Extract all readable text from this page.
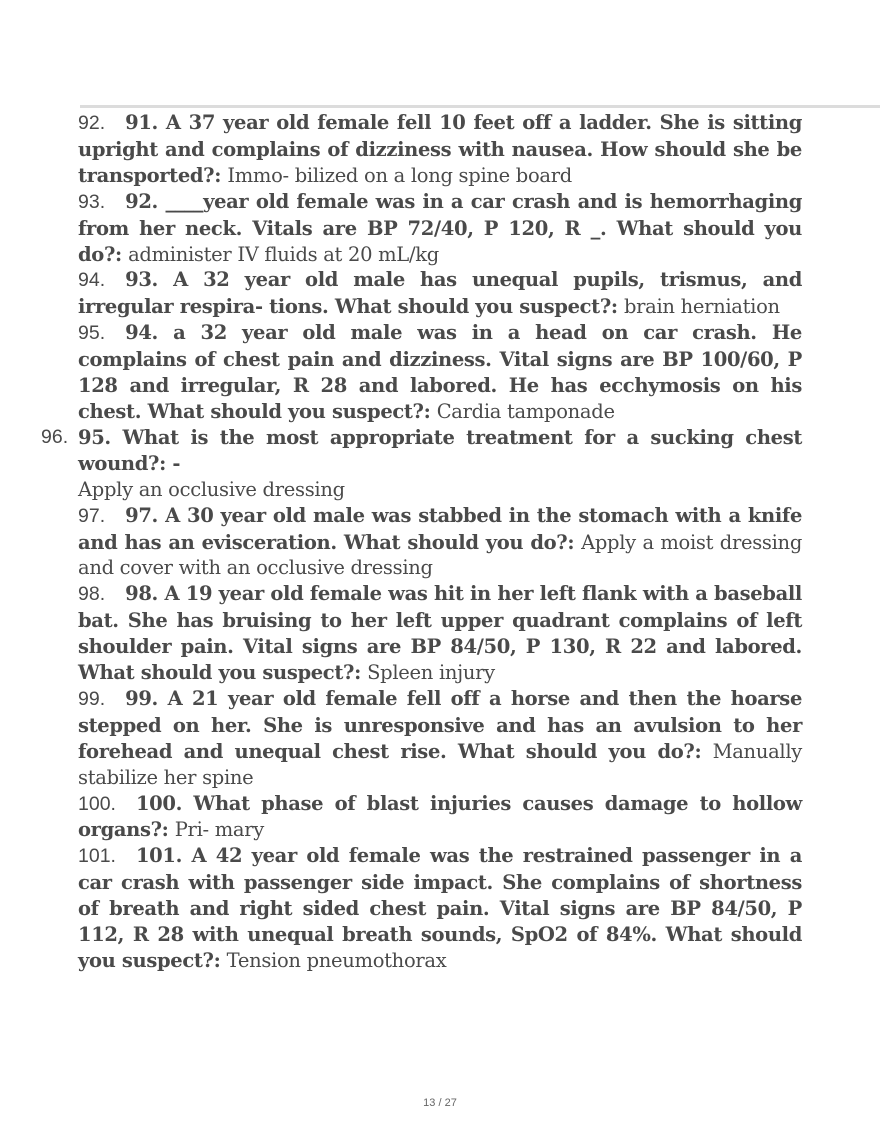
92. 91. A 37 year old female fell 10 feet off a ladder. She is sitting upright and complains of dizziness with nausea. How should she be transported?: Immo- bilized on a long spine board
93. 92. ____year old female was in a car crash and is hemorrhaging from her neck. Vitals are BP 72/40, P 120, R _. What should you do?: administer IV fluids at 20 mL/kg
94. 93. A 32 year old male has unequal pupils, trismus, and irregular respira- tions. What should you suspect?: brain herniation
95. 94. a 32 year old male was in a head on car crash. He complains of chest pain and dizziness. Vital signs are BP 100/60, P 128 and irregular, R 28 and labored. He has ecchymosis on his chest. What should you suspect?: Cardia tamponade
96. 95. What is the most appropriate treatment for a sucking chest wound?: -
Apply an occlusive dressing
97. 97. A 30 year old male was stabbed in the stomach with a knife and has an evisceration. What should you do?: Apply a moist dressing and cover with an occlusive dressing
98. 98. A 19 year old female was hit in her left flank with a baseball bat. She has bruising to her left upper quadrant complains of left shoulder pain. Vital signs are BP 84/50, P 130, R 22 and labored. What should you suspect?: Spleen injury
99. 99. A 21 year old female fell off a horse and then the hoarse stepped on her. She is unresponsive and has an avulsion to her forehead and unequal chest rise. What should you do?: Manually stabilize her spine
100. 100. What phase of blast injuries causes damage to hollow organs?: Pri- mary
101. 101. A 42 year old female was the restrained passenger in a car crash with passenger side impact. She complains of shortness of breath and right sided chest pain. Vital signs are BP 84/50, P 112, R 28 with unequal breath sounds, SpO2 of 84%. What should you suspect?: Tension pneumothorax
13 / 27
